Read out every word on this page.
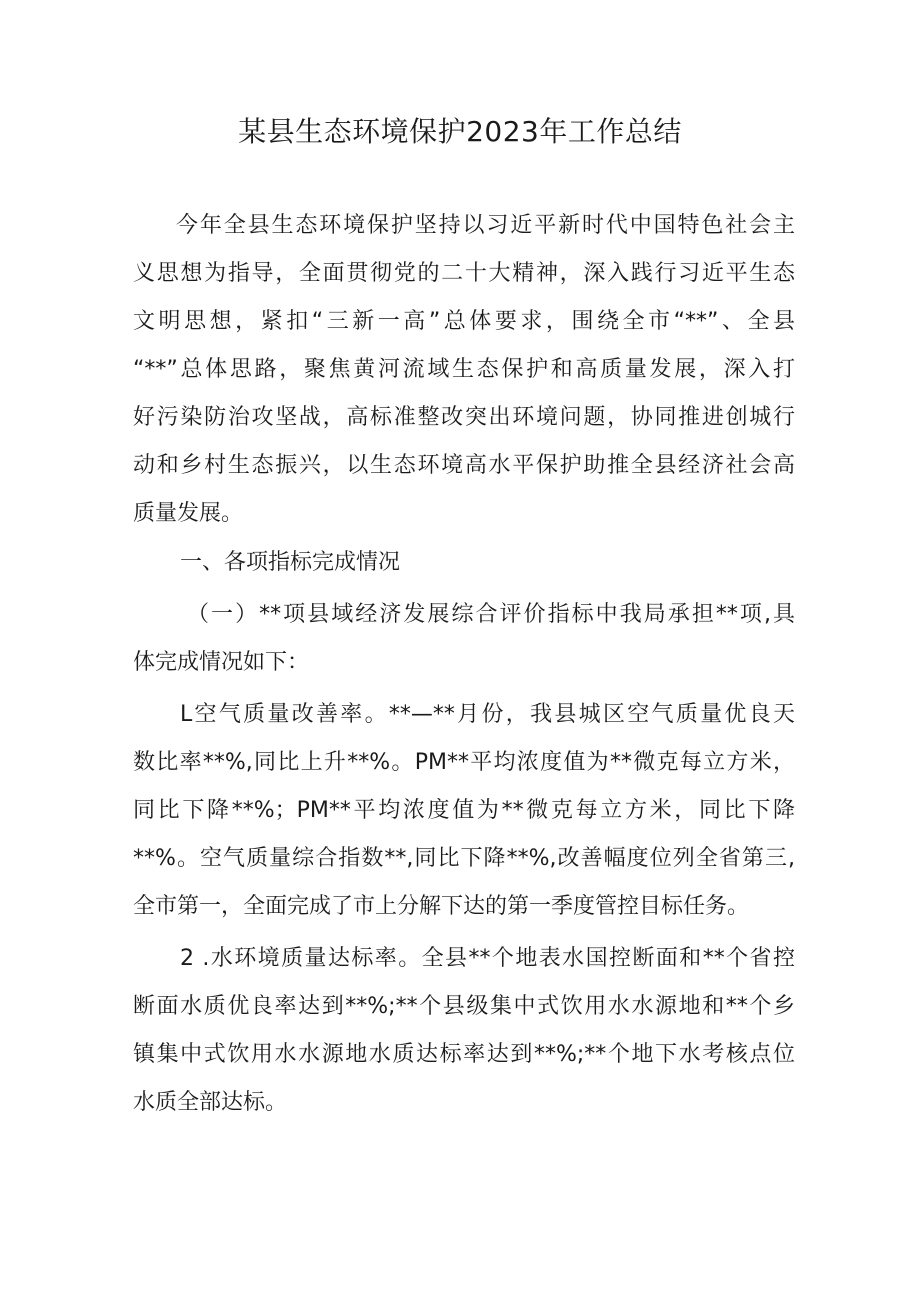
某县生态环境保护2023年工作总结
今年全县生态环境保护坚持以习近平新时代中国特色社会主
义思想为指导，全面贯彻党的二十大精神，深入践行习近平生态
文明思想，紧扣“三新一高”总体要求，围绕全市“**”、全县
“**”总体思路，聚焦黄河流域生态保护和高质量发展，深入打
好污染防治攻坚战，高标准整改突出环境问题，协同推进创城行
动和乡村生态振兴，以生态环境高水平保护助推全县经济社会高
质量发展。
一、各项指标完成情况
（一）**项县域经济发展综合评价指标中我局承担**项,具
体完成情况如下：
L空气质量改善率。**—**月份，我县城区空气质量优良天
数比率**%,同比上升**%。PM**平均浓度值为**微克每立方米，
同比下降**%；PM**平均浓度值为**微克每立方米，同比下降
**%。空气质量综合指数**,同比下降**%,改善幅度位列全省第三,
全市第一，全面完成了市上分解下达的第一季度管控目标任务。
2 .水环境质量达标率。全县**个地表水国控断面和**个省控
断面水质优良率达到**%;**个县级集中式饮用水水源地和**个乡
镇集中式饮用水水源地水质达标率达到**%;**个地下水考核点位
水质全部达标。
